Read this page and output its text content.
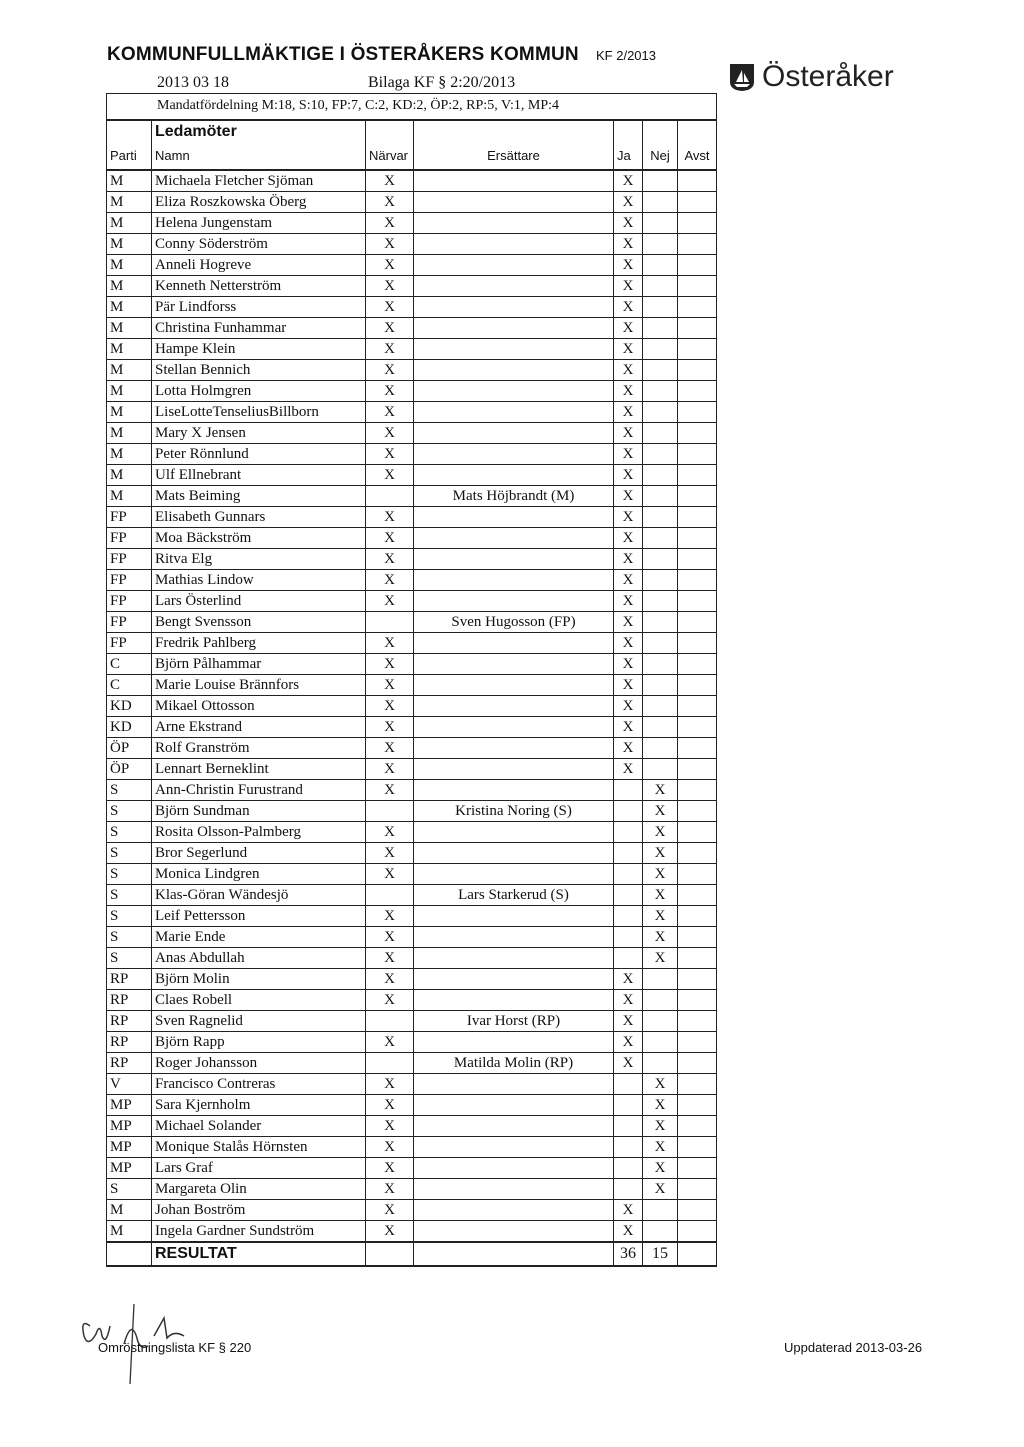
KOMMUNFULLMÄKTIGE I ÖSTERÅKERS KOMMUN KF 2/2013
2013 03 18	Bilaga KF § 2:20/2013	Österåker
Mandatfördelning M:18, S:10, FP:7, C:2, KD:2, ÖP:2, RP:5, V:1, MP:4						
	Ledamöter					
Parti	Namn	Närvar	Ersättare	Ja	Nej	Avst
M	Michaela Fletcher Sjöman	X		X		
M	Eliza Roszkowska Öberg	X		X		
M	Helena Jungenstam	X		X		
M	Conny Söderström	X		X		
M	Anneli Hogreve	X		X		
M	Kenneth Netterström	X		X		
M	Pär Lindforss	X		X		
M	Christina Funhammar	X		X		
M	Hampe Klein	X		X		
M	Stellan Bennich	X		X		
M	Lotta Holmgren	X		X		
M	LiseLotteTenseliusBillborn	X		X		
M	Mary X Jensen	X		X		
M	Peter Rönnlund	X		X		
M	Ulf Ellnebrant	X		X		
M	Mats Beiming		Mats Höjbrandt (M)	X		
FP	Elisabeth Gunnars	X		X		
FP	Moa Bäckström	X		X		
FP	Ritva Elg	X		X		
FP	Mathias Lindow	X		X		
FP	Lars Österlind	X		X		
FP	Bengt Svensson		Sven Hugosson (FP)	X		
FP	Fredrik Pahlberg	X		X		
C	Björn Pålhammar	X		X		
C	Marie Louise Brännfors	X		X		
KD	Mikael Ottosson	X		X		
KD	Arne Ekstrand	X		X		
ÖP	Rolf Granström	X		X		
ÖP	Lennart Berneklint	X		X		
S	Ann-Christin Furustrand	X			X	
S	Björn Sundman		Kristina Noring (S)		X	
S	Rosita Olsson-Palmberg	X			X	
S	Bror Segerlund	X			X	
S	Monica Lindgren	X			X	
S	Klas-Göran Wändesjö		Lars Starkerud (S)		X	
S	Leif Pettersson	X			X	
S	Marie Ende	X			X	
S	Anas Abdullah	X			X	
RP	Björn Molin	X		X		
RP	Claes Robell	X		X		
RP	Sven Ragnelid		Ivar Horst (RP)	X		
RP	Björn Rapp	X		X		
RP	Roger Johansson		Matilda Molin (RP)	X		
V	Francisco Contreras	X			X	
MP	Sara Kjernholm	X			X	
MP	Michael Solander	X			X	
MP	Monique Stalås Hörnsten	X			X	
MP	Lars Graf	X			X	
S	Margareta Olin	X			X	
M	Johan Boström	X		X		
M	Ingela Gardner Sundström	X		X		
	RESULTAT			36	15	
Omröstningslista KF § 220	Uppdaterad 2013-03-26
